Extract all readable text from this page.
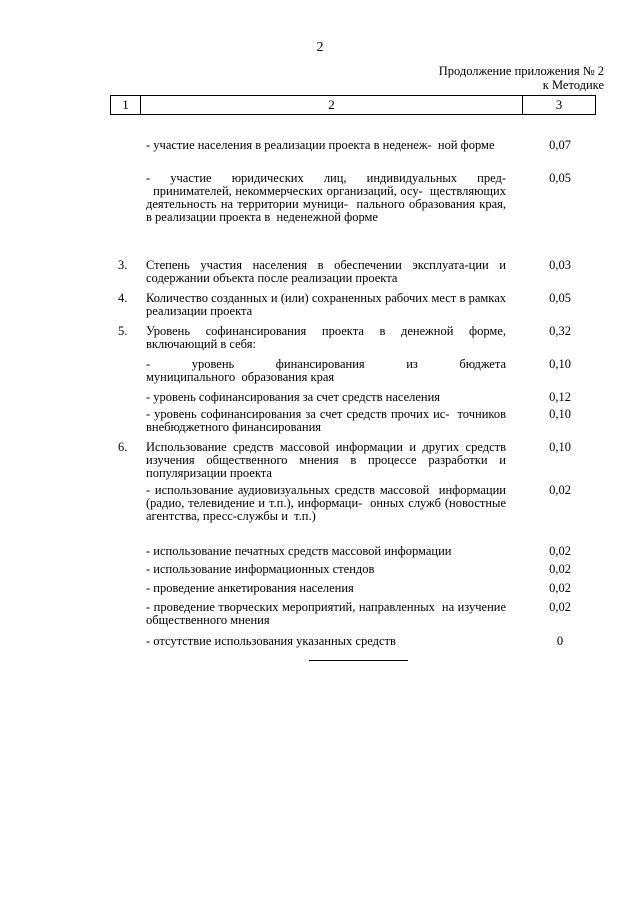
2
Продолжение приложения № 2
к Методике
1	2	3
- участие населения в реализации проекта в неденеж-  ной форме	0,07
- участие юридических лиц, индивидуальных пред-  принимателей, некоммерческих организаций, осу-  ществляющих деятельность на территории муници-  пального образования края, в реализации проекта в  неденежной форме
0,05
3.	Степень участия населения в обеспечении эксплуата-ции и содержании объекта после реализации проекта
0,03
4.	Количество созданных и (или) сохраненных рабочих мест в рамках реализации проекта
0,05
5.	Уровень софинансирования проекта в денежной форме, включающий в себя:
0,32
- уровень финансирования из бюджета муниципального  образования края
0,10
- уровень софинансирования за счет средств населения	0,12
- уровень софинансирования за счет средств прочих ис-  точников внебюджетного финансирования
0,10
6.	Использование средств массовой информации и других средств изучения общественного мнения в процессе разработки и популяризации проекта
0,10
- использование аудиовизуальных средств массовой  информации (радио, телевидение и т.п.), информаци-  онных служб (новостные агентства, пресс-службы и  т.п.)
0,02
- использование печатных средств массовой информации	0,02
- использование информационных стендов	0,02
- проведение анкетирования населения	0,02
- проведение творческих мероприятий, направленных  на изучение общественного мнения
0,02
- отсутствие использования указанных средств	0
